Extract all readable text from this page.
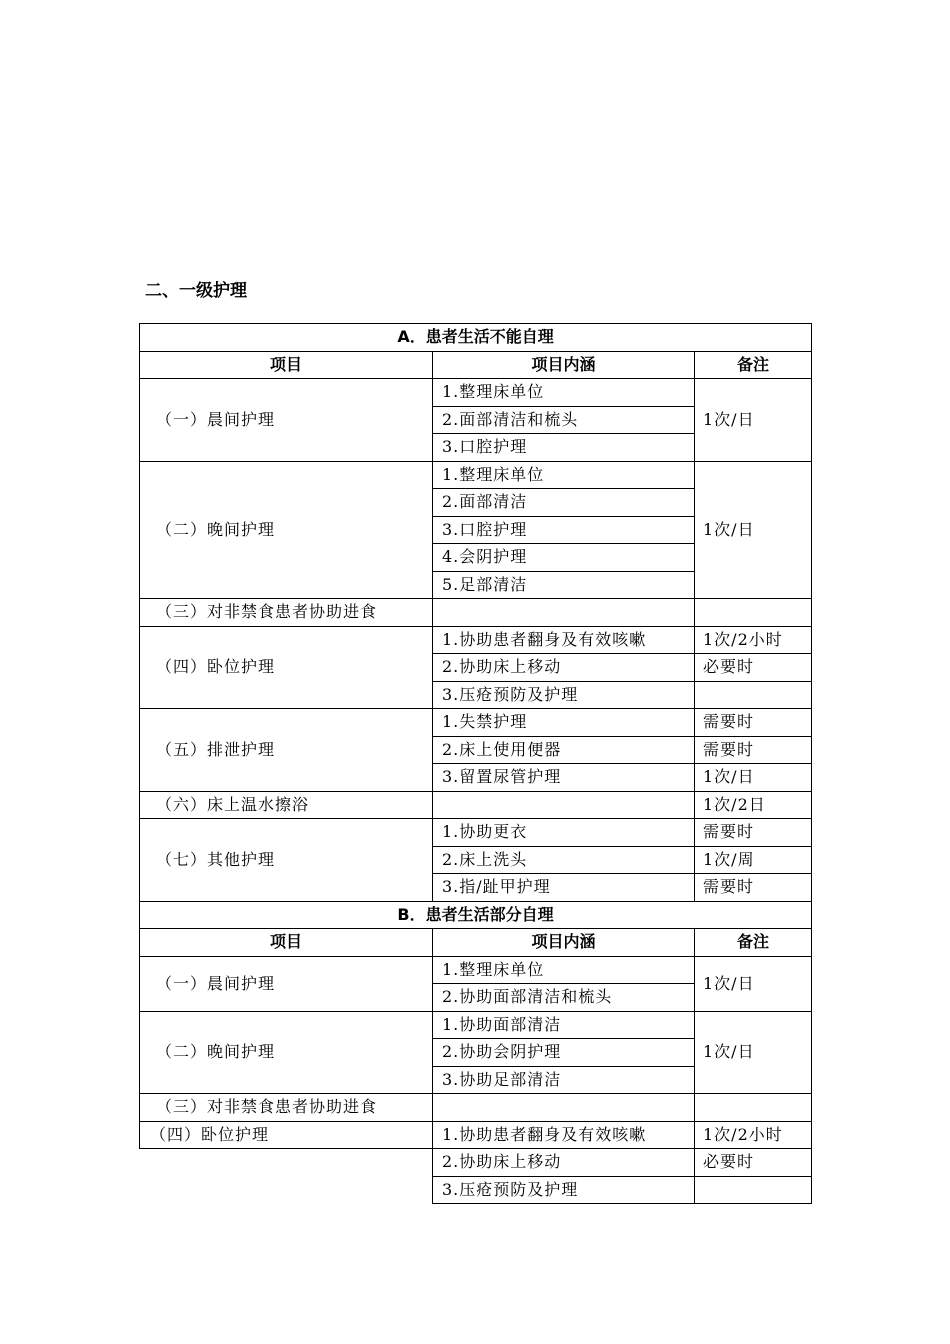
二、一级护理
A．患者生活不能自理		
项目	项目内涵	备注
（一）晨间护理	1.整理床单位	1次/日
	2.面部清洁和梳头	
	3.口腔护理	
（二）晚间护理	1.整理床单位	1次/日
	2.面部清洁	
	3.口腔护理	
	4.会阴护理	
	5.足部清洁	
（三）对非禁食患者协助进食		
（四）卧位护理	1.协助患者翻身及有效咳嗽	1次/2小时
	2.协助床上移动	必要时
	3.压疮预防及护理	
（五）排泄护理	1.失禁护理	需要时
	2.床上使用便器	需要时
	3.留置尿管护理	1次/日
（六）床上温水擦浴		1次/2日
（七）其他护理	1.协助更衣	需要时
	2.床上洗头	1次/周
	3.指/趾甲护理	需要时
B．患者生活部分自理		
项目	项目内涵	备注
（一）晨间护理	1.整理床单位	1次/日
	2.协助面部清洁和梳头	
（二）晚间护理	1.协助面部清洁	1次/日
	2.协助会阴护理	
	3.协助足部清洁	
（三）对非禁食患者协助进食		
（四）卧位护理	1.协助患者翻身及有效咳嗽	1次/2小时
	2.协助床上移动	必要时
	3.压疮预防及护理	
